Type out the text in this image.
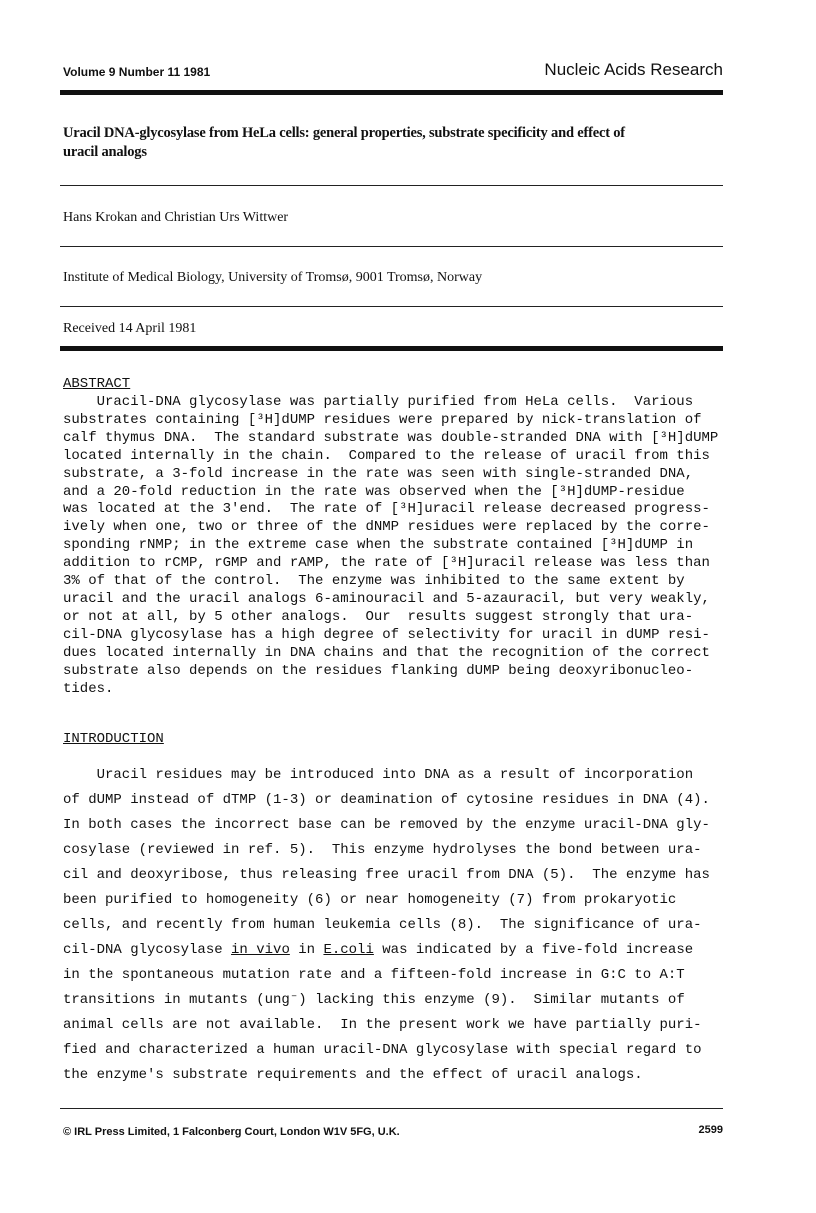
Volume 9 Number 11 1981	Nucleic Acids Research
Uracil DNA-glycosylase from HeLa cells: general properties, substrate specificity and effect of
uracil analogs
Hans Krokan and Christian Urs Wittwer
Institute of Medical Biology, University of Tromsø, 9001 Tromsø, Norway
Received 14 April 1981
ABSTRACT
Uracil-DNA glycosylase was partially purified from HeLa cells.  Various
substrates containing [³H]dUMP residues were prepared by nick-translation of
calf thymus DNA.  The standard substrate was double-stranded DNA with [³H]dUMP
located internally in the chain.  Compared to the release of uracil from this
substrate, a 3-fold increase in the rate was seen with single-stranded DNA,
and a 20-fold reduction in the rate was observed when the [³H]dUMP-residue
was located at the 3'end.  The rate of [³H]uracil release decreased progress-
ively when one, two or three of the dNMP residues were replaced by the corre-
sponding rNMP; in the extreme case when the substrate contained [³H]dUMP in
addition to rCMP, rGMP and rAMP, the rate of [³H]uracil release was less than
3% of that of the control.  The enzyme was inhibited to the same extent by
uracil and the uracil analogs 6-aminouracil and 5-azauracil, but very weakly,
or not at all, by 5 other analogs.  Our  results suggest strongly that ura-
cil-DNA glycosylase has a high degree of selectivity for uracil in dUMP resi-
dues located internally in DNA chains and that the recognition of the correct
substrate also depends on the residues flanking dUMP being deoxyribonucleo-
tides.
INTRODUCTION
Uracil residues may be introduced into DNA as a result of incorporation
of dUMP instead of dTMP (1-3) or deamination of cytosine residues in DNA (4).
In both cases the incorrect base can be removed by the enzyme uracil-DNA gly-
cosylase (reviewed in ref. 5).  This enzyme hydrolyses the bond between ura-
cil and deoxyribose, thus releasing free uracil from DNA (5).  The enzyme has
been purified to homogeneity (6) or near homogeneity (7) from prokaryotic
cells, and recently from human leukemia cells (8).  The significance of ura-
cil-DNA glycosylase in vivo in E.coli was indicated by a five-fold increase
in the spontaneous mutation rate and a fifteen-fold increase in G:C to A:T
transitions in mutants (ung⁻) lacking this enzyme (9).  Similar mutants of
animal cells are not available.  In the present work we have partially puri-
fied and characterized a human uracil-DNA glycosylase with special regard to
the enzyme's substrate requirements and the effect of uracil analogs.
© IRL Press Limited, 1 Falconberg Court, London W1V 5FG, U.K.	2599
